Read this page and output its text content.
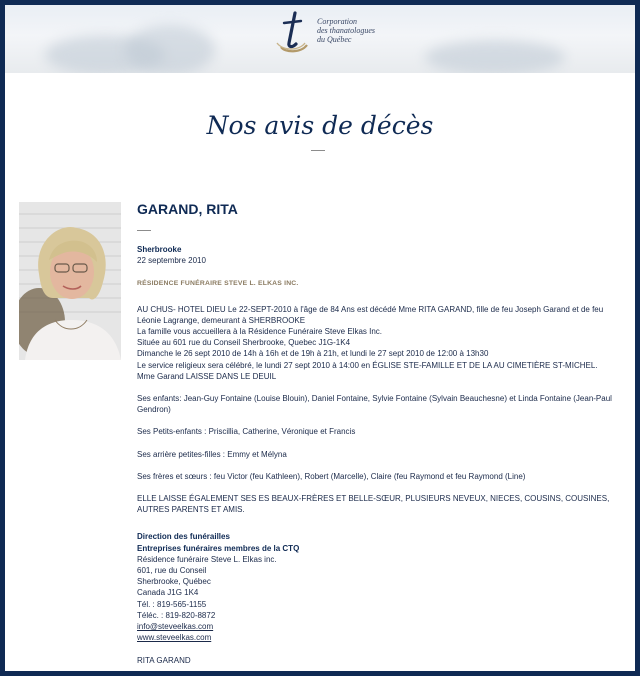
Corporation
des thanatologues
du Québec
Nos avis de décès
GARAND, RITA
Sherbrooke
22 septembre 2010
RÉSIDENCE FUNÉRAIRE STEVE L. ELKAS INC.

AU CHUS- HOTEL DIEU Le 22-SEPT-2010 à l'âge de 84 Ans est décédé Mme RITA GARAND, fille de feu Joseph Garand et de feu Léonie Lagrange, demeurant à SHERBROOKE
La famille vous accueillera à la Résidence Funéraire Steve Elkas Inc.
Située au 601 rue du Conseil Sherbrooke, Quebec J1G-1K4
Dimanche le 26 sept 2010 de 14h à 16h et de 19h à 21h, et lundi le 27 sept 2010 de 12:00 à 13h30
Le service religieux sera célébré, le lundi 27 sept 2010 à 14:00 en ÉGLISE STE-FAMILLE ET DE LA AU CIMETIÈRE ST-MICHEL.
Mme Garand LAISSE DANS LE DEUIL

Ses enfants: Jean-Guy Fontaine (Louise Blouin), Daniel Fontaine, Sylvie Fontaine (Sylvain Beauchesne) et Linda Fontaine (Jean-Paul Gendron)

Ses Petits-enfants : Priscillia, Catherine, Véronique et Francis

Ses arrière petites-filles : Emmy et Mélyna

Ses frères et sœurs : feu Victor (feu Kathleen), Robert (Marcelle), Claire (feu Raymond et feu Raymond (Line)

ELLE LAISSE ÉGALEMENT SES ES BEAUX-FRÈRES ET BELLE-SŒUR, PLUSIEURS NEVEUX, NIECES, COUSINS, COUSINES, AUTRES PARENTS ET AMIS.

Direction des funérailles
Entreprises funéraires membres de la CTQ
Résidence funéraire Steve L. Elkas inc.
601, rue du Conseil
Sherbrooke, Québec
Canada J1G 1K4
Tél. : 819-565-1155
Téléc. : 819-820-8872
info@steveelkas.com
www.steveelkas.com
RITA GARAND
